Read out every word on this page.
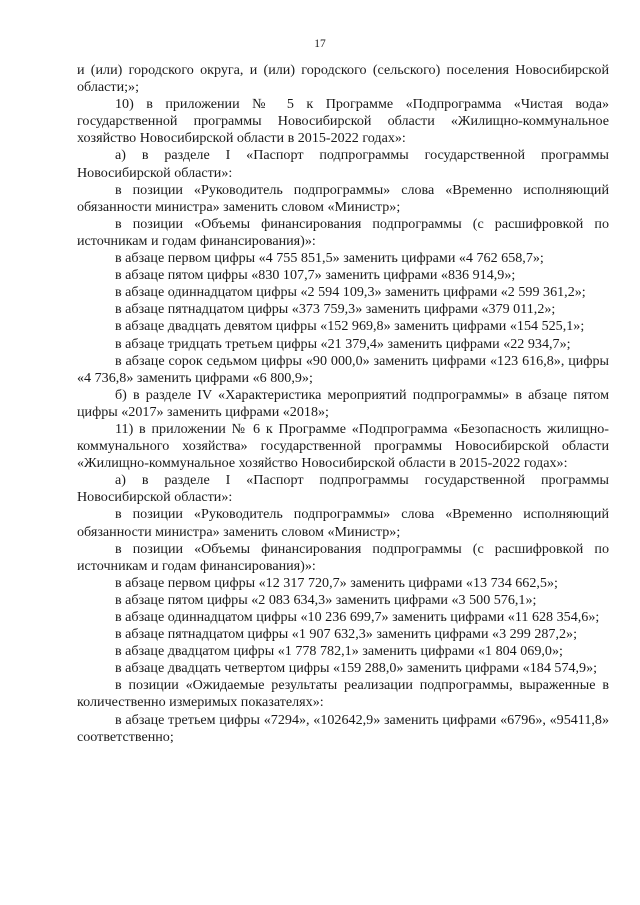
17

и (или) городского округа, и (или) городского (сельского) поселения Новосибирской области;»;

10) в приложении № 5 к Программе «Подпрограмма «Чистая вода» государственной программы Новосибирской области «Жилищно-коммунальное хозяйство Новосибирской области в 2015-2022 годах»:

а) в разделе I «Паспорт подпрограммы государственной программы Новосибирской области»:

в позиции «Руководитель подпрограммы» слова «Временно исполняющий обязанности министра» заменить словом «Министр»;

в позиции «Объемы финансирования подпрограммы (с расшифровкой по источникам и годам финансирования)»:

в абзаце первом цифры «4 755 851,5» заменить цифрами «4 762 658,7»;

в абзаце пятом цифры «830 107,7» заменить цифрами «836 914,9»;

в абзаце одиннадцатом цифры «2 594 109,3» заменить цифрами «2 599 361,2»;

в абзаце пятнадцатом цифры «373 759,3» заменить цифрами «379 011,2»;

в абзаце двадцать девятом цифры «152 969,8» заменить цифрами «154 525,1»;

в абзаце тридцать третьем цифры «21 379,4» заменить цифрами «22 934,7»;

в абзаце сорок седьмом цифры «90 000,0» заменить цифрами «123 616,8», цифры «4 736,8» заменить цифрами «6 800,9»;

б) в разделе IV «Характеристика мероприятий подпрограммы» в абзаце пятом цифры «2017» заменить цифрами «2018»;

11) в приложении № 6 к Программе «Подпрограмма «Безопасность жилищно-коммунального хозяйства» государственной программы Новосибирской области «Жилищно-коммунальное хозяйство Новосибирской области в 2015-2022 годах»:

а) в разделе I «Паспорт подпрограммы государственной программы Новосибирской области»:

в позиции «Руководитель подпрограммы» слова «Временно исполняющий обязанности министра» заменить словом «Министр»;

в позиции «Объемы финансирования подпрограммы (с расшифровкой по источникам и годам финансирования)»:

в абзаце первом цифры «12 317 720,7» заменить цифрами «13 734 662,5»;

в абзаце пятом цифры «2 083 634,3» заменить цифрами «3 500 576,1»;

в абзаце одиннадцатом цифры «10 236 699,7» заменить цифрами «11 628 354,6»;

в абзаце пятнадцатом цифры «1 907 632,3» заменить цифрами «3 299 287,2»;

в абзаце двадцатом цифры «1 778 782,1» заменить цифрами «1 804 069,0»;

в абзаце двадцать четвертом цифры «159 288,0» заменить цифрами «184 574,9»;

в позиции «Ожидаемые результаты реализации подпрограммы, выраженные в количественно измеримых показателях»:

в абзаце третьем цифры «7294», «102642,9» заменить цифрами «6796», «95411,8» соответственно;
